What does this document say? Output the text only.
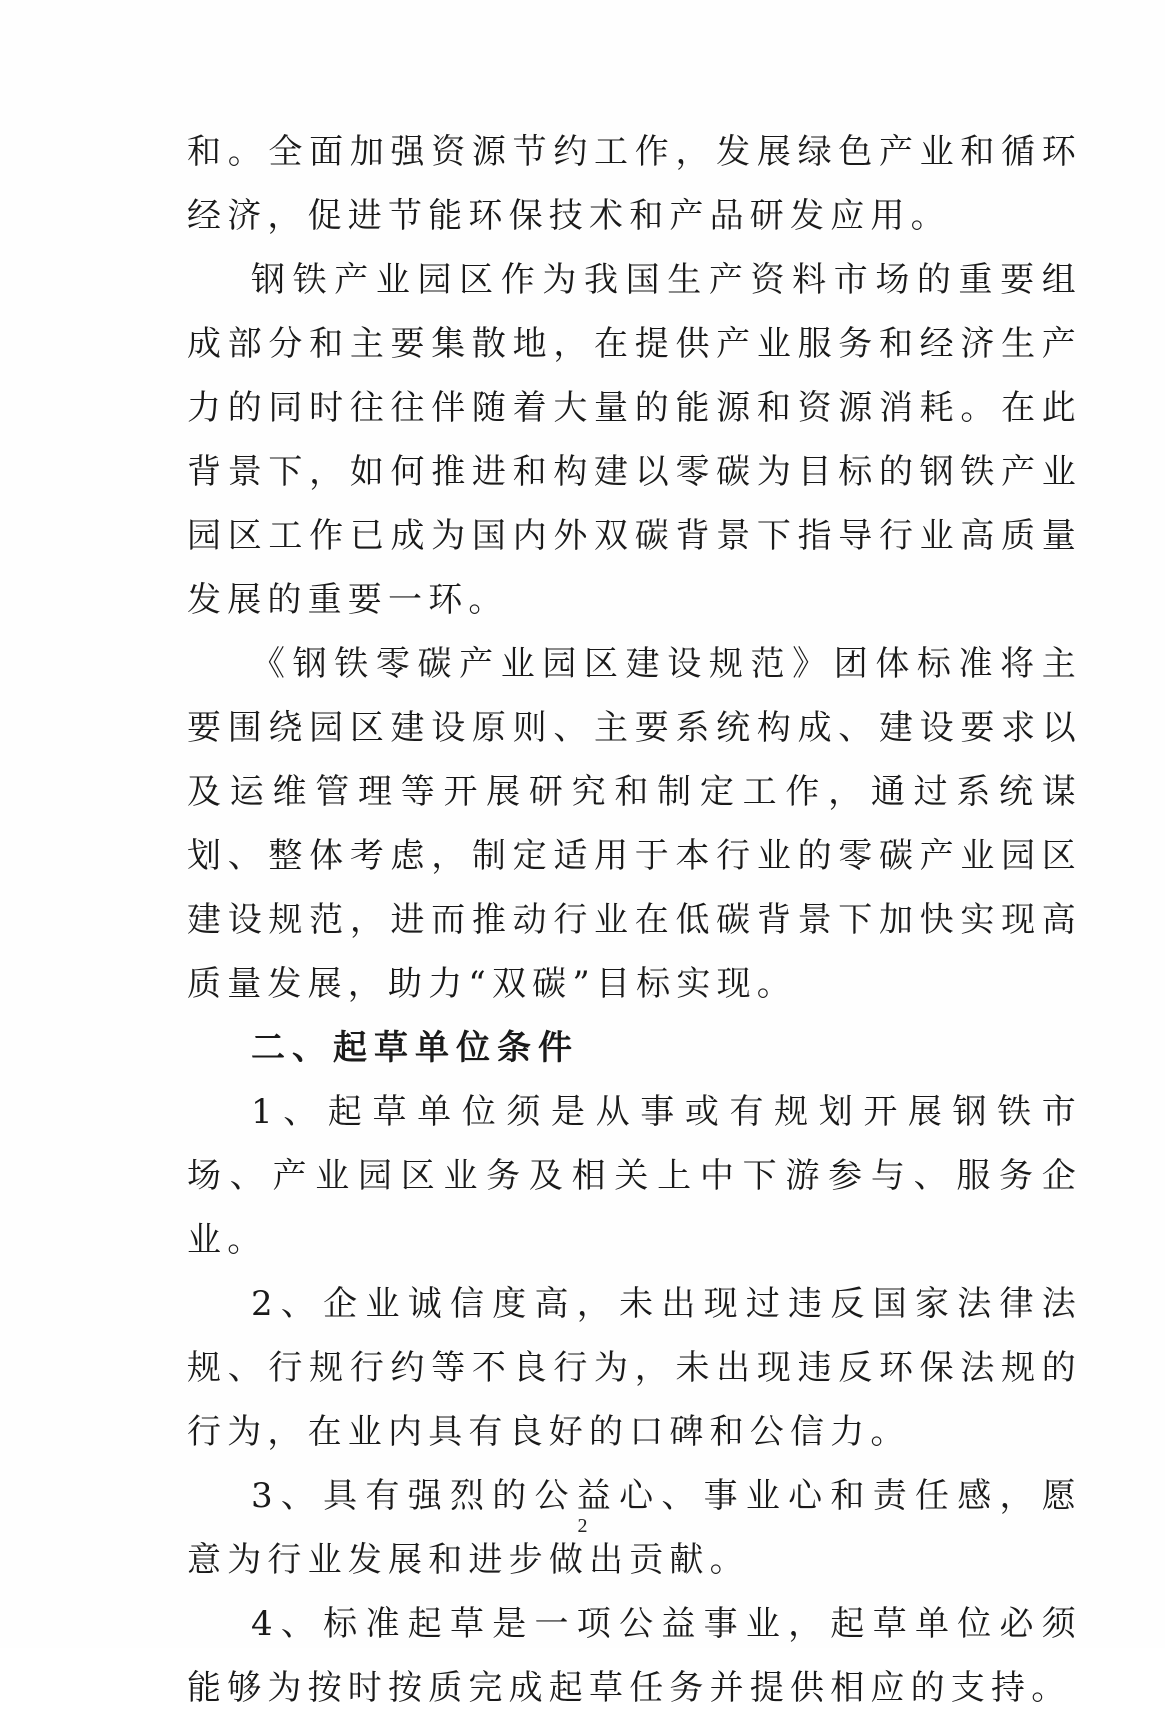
和。全面加强资源节约工作，发展绿色产业和循环经济，促进节能环保技术和产品研发应用。

钢铁产业园区作为我国生产资料市场的重要组成部分和主要集散地，在提供产业服务和经济生产力的同时往往伴随着大量的能源和资源消耗。在此背景下，如何推进和构建以零碳为目标的钢铁产业园区工作已成为国内外双碳背景下指导行业高质量发展的重要一环。

《钢铁零碳产业园区建设规范》团体标准将主要围绕园区建设原则、主要系统构成、建设要求以及运维管理等开展研究和制定工作，通过系统谋划、整体考虑，制定适用于本行业的零碳产业园区建设规范，进而推动行业在低碳背景下加快实现高质量发展，助力“双碳”目标实现。

二、起草单位条件

1、起草单位须是从事或有规划开展钢铁市场、产业园区业务及相关上中下游参与、服务企业。

2、企业诚信度高，未出现过违反国家法律法规、行规行约等不良行为，未出现违反环保法规的行为，在业内具有良好的口碑和公信力。

3、具有强烈的公益心、事业心和责任感，愿意为行业发展和进步做出贡献。

4、标准起草是一项公益事业，起草单位必须能够为按时按质完成起草任务并提供相应的支持。

2
